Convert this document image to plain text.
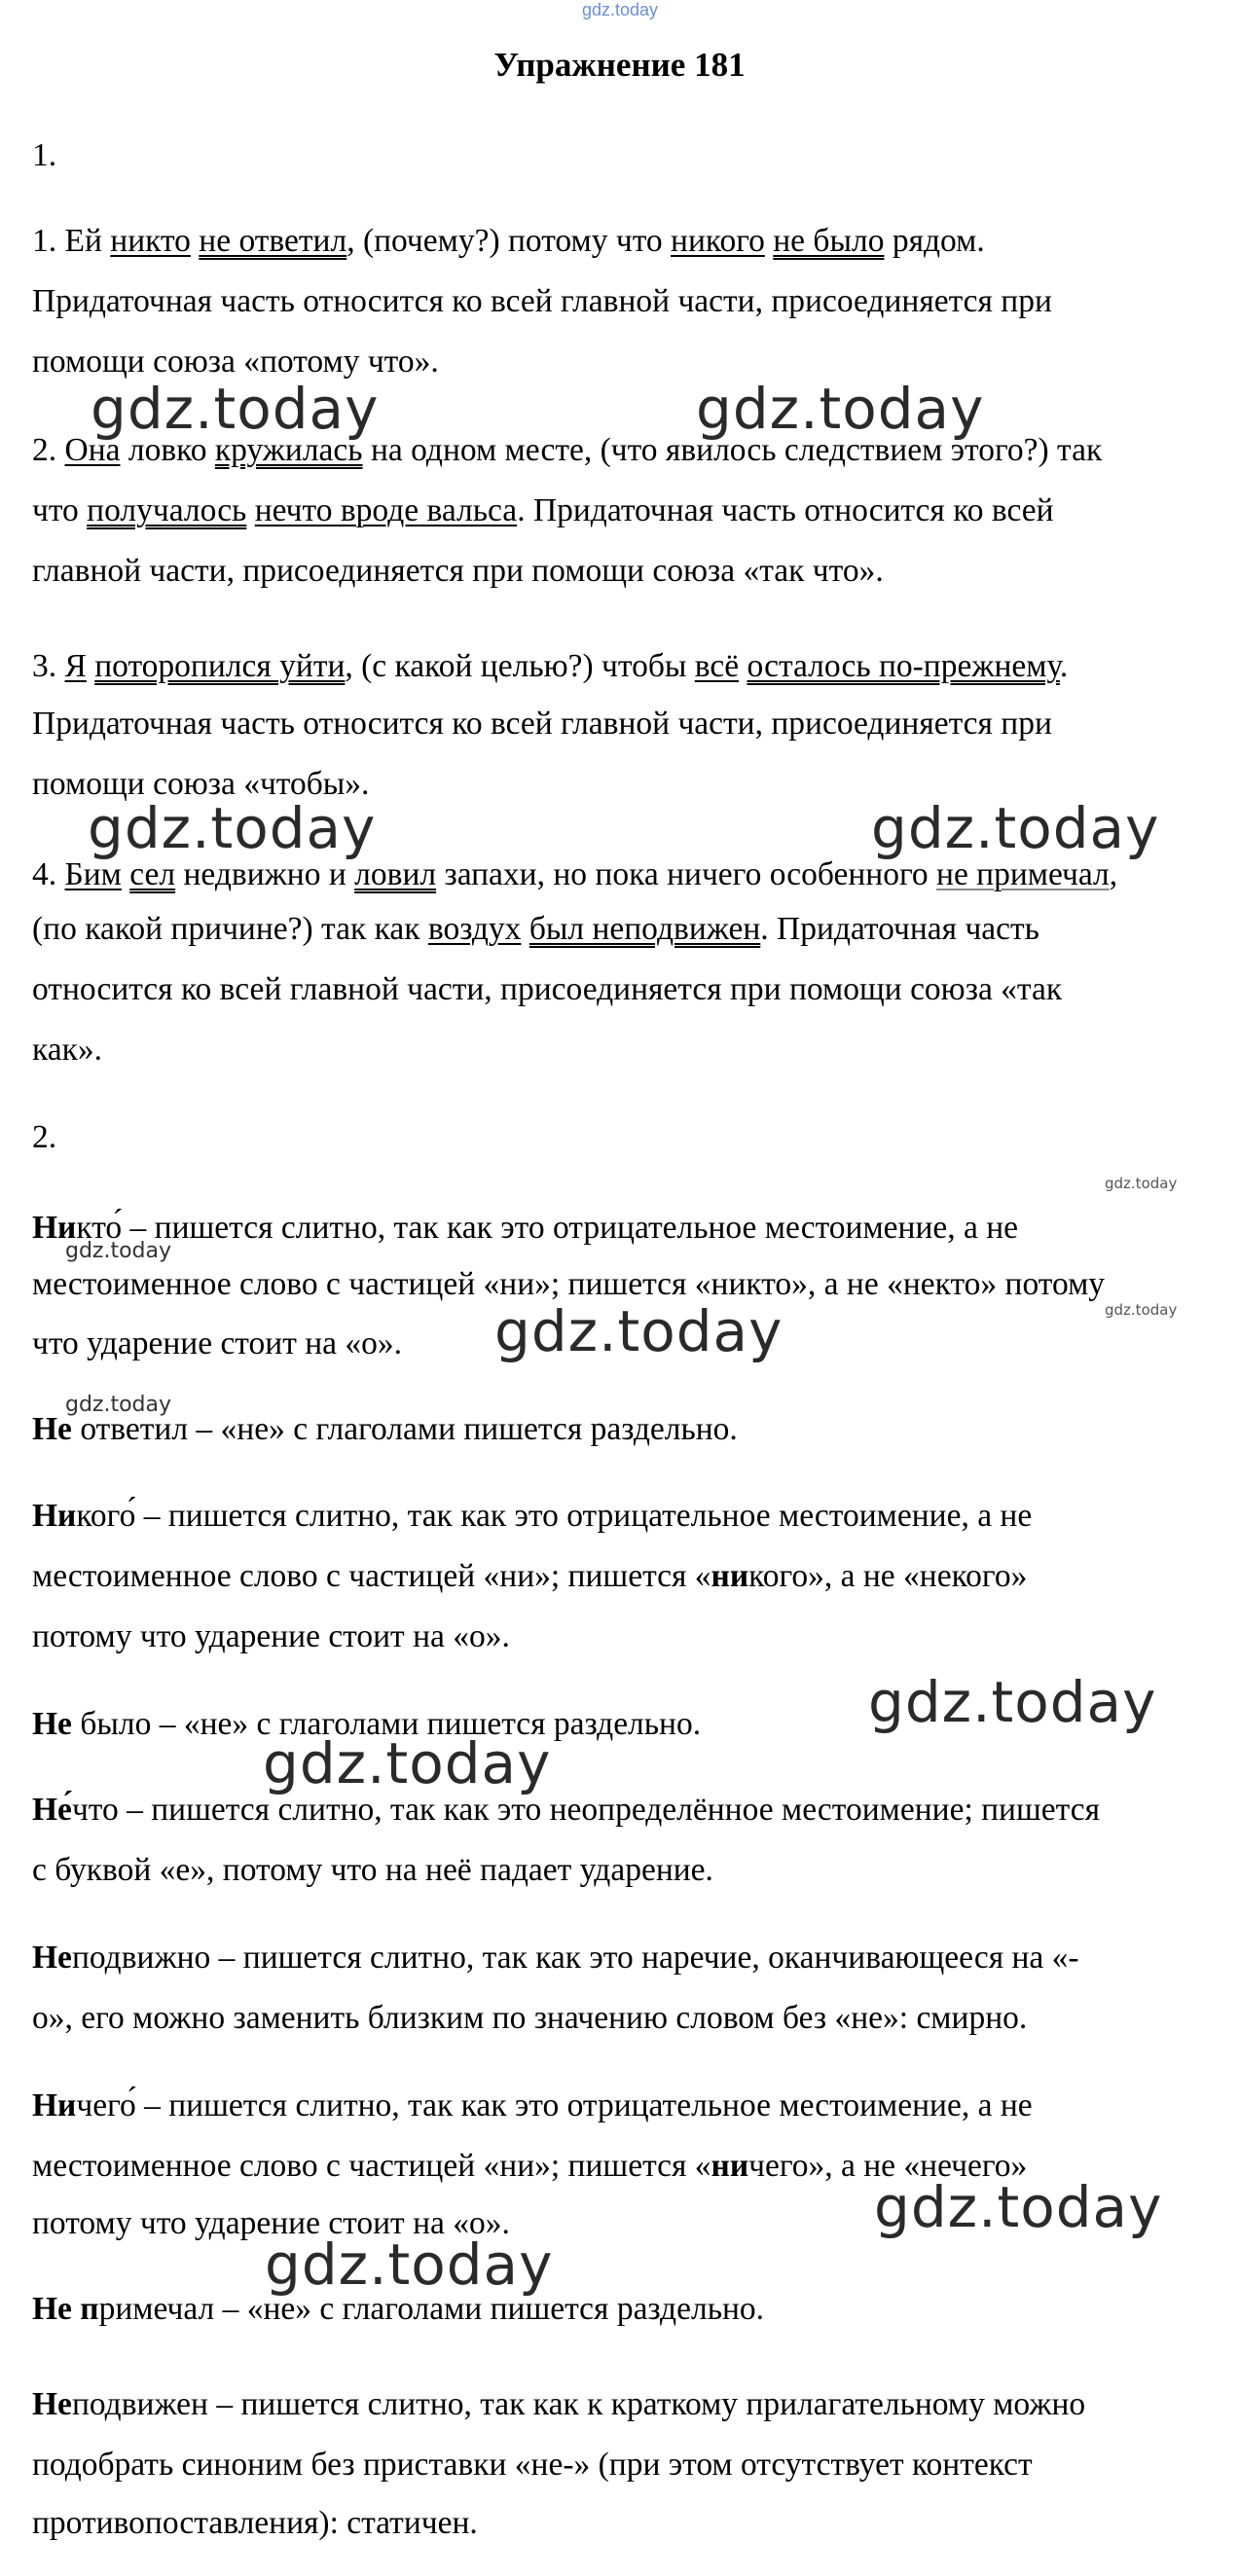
gdz.today
Упражнение 181

1.

1. Ей никто не ответил, (почему?) потому что никого не было рядом.

Придаточная часть относится ко всей главной части, присоединяется при

помощи союза «потому что».

2. Она ловко кружилась на одном месте, (что явилось следствием этого?) так

что получалось нечто вроде вальса. Придаточная часть относится ко всей

главной части, присоединяется при помощи союза «так что».

3. Я поторопился уйти, (с какой целью?) чтобы всё осталось по-прежнему.

Придаточная часть относится ко всей главной части, присоединяется при

помощи союза «чтобы».

4. Бим сел недвижно и ловил запахи, но пока ничего особенного не примечал,

(по какой причине?) так как воздух был неподвижен. Придаточная часть

относится ко всей главной части, присоединяется при помощи союза «так

как».

2.

Никто́ – пишется слитно, так как это отрицательное местоимение, а не

местоименное слово с частицей «ни»; пишется «никто», а не «некто» потому

что ударение стоит на «о».

Не ответил – «не» с глаголами пишется раздельно.

Никого́ – пишется слитно, так как это отрицательное местоимение, а не

местоименное слово с частицей «ни»; пишется «никого», а не «некого»

потому что ударение стоит на «о».

Не было – «не» с глаголами пишется раздельно.

Не́что – пишется слитно, так как это неопределённое местоимение; пишется

с буквой «е», потому что на неё падает ударение.

Неподвижно – пишется слитно, так как это наречие, оканчивающееся на «-

о», его можно заменить близким по значению словом без «не»: смирно.

Ничего́ – пишется слитно, так как это отрицательное местоимение, а не

местоименное слово с частицей «ни»; пишется «ничего», а не «нечего»

потому что ударение стоит на «о».

Не примечал – «не» с глаголами пишется раздельно.

Неподвижен – пишется слитно, так как к краткому прилагательному можно

подобрать синоним без приставки «не-» (при этом отсутствует контекст

противопоставления): статичен.

gdz.today	gdz.today
gdz.today	gdz.today
gdz.today
gdz.today
gdz.today
gdz.today
gdz.today
gdz.today
gdz.today
gdz.today
gdz.today
